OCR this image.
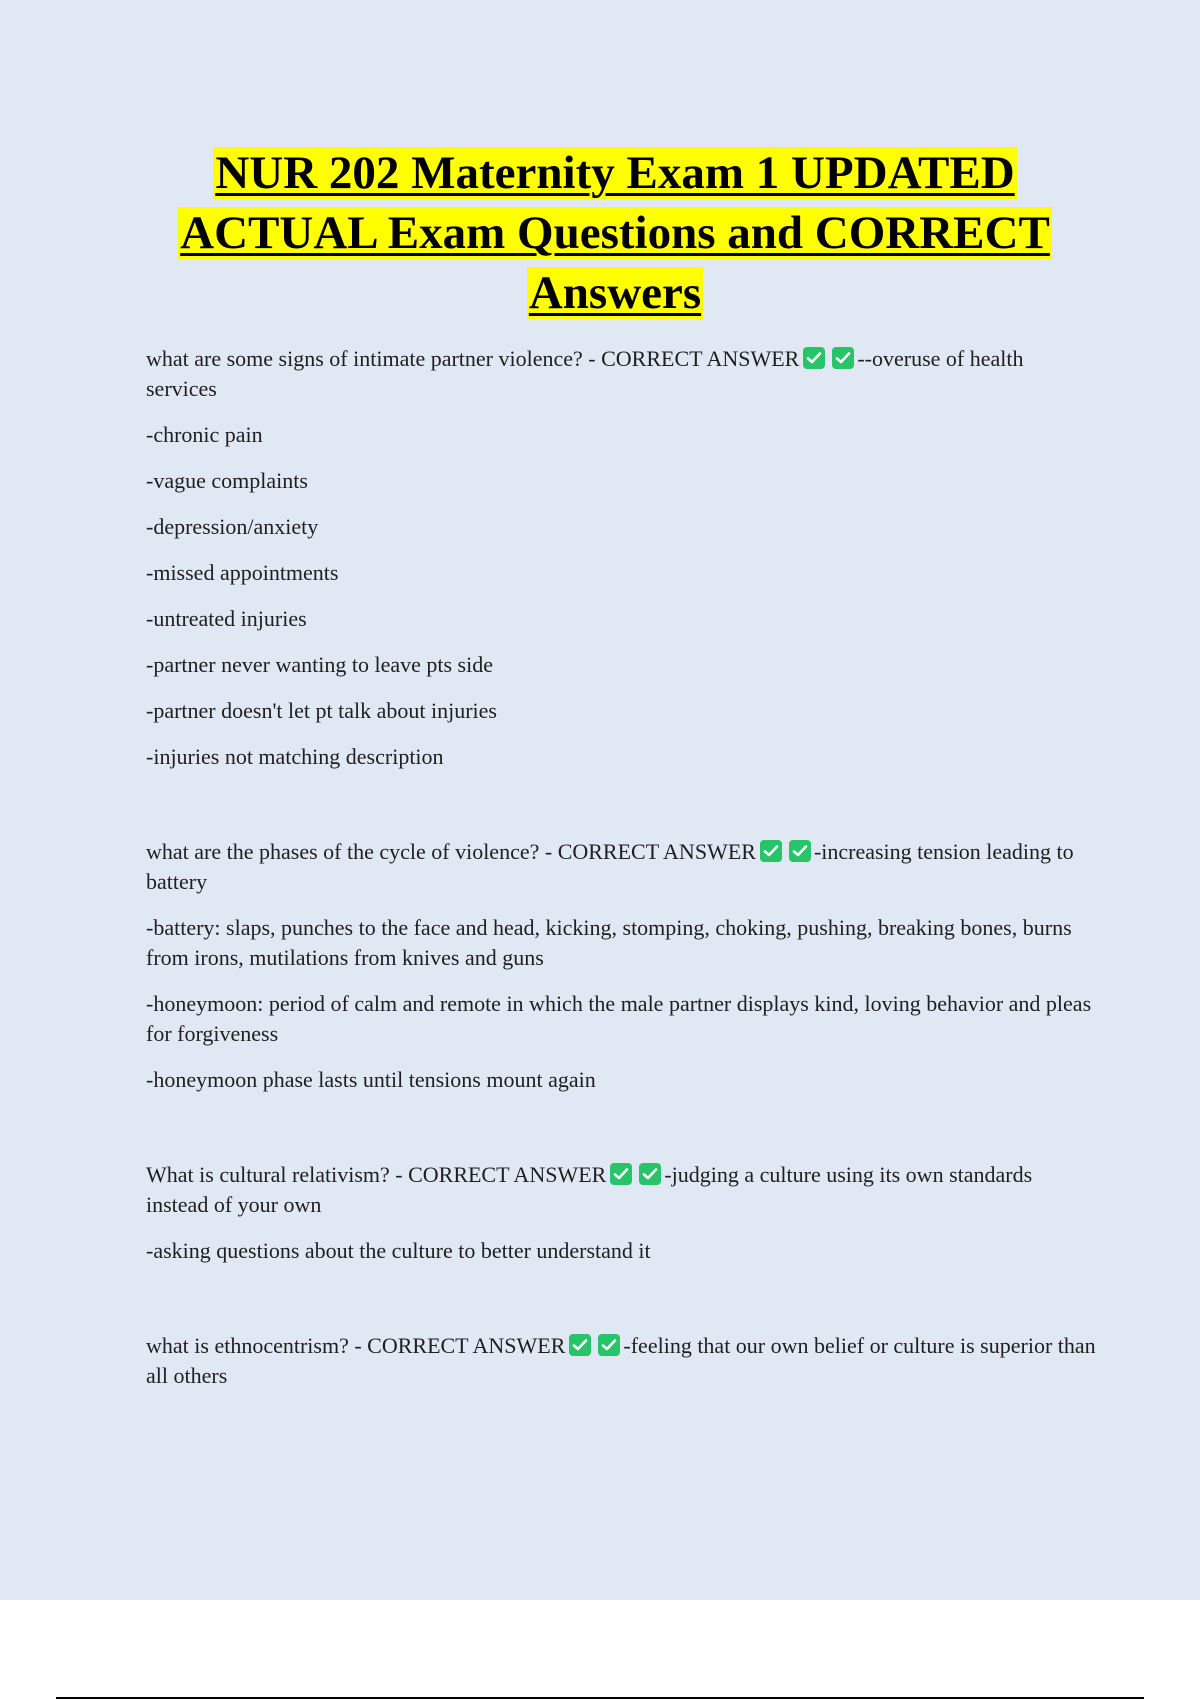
NUR 202 Maternity Exam 1 UPDATED
ACTUAL Exam Questions and CORRECT
Answers

what are some signs of intimate partner violence? - CORRECT ANSWER	--overuse of health services

-chronic pain

-vague complaints

-depression/anxiety

-missed appointments

-untreated injuries

-partner never wanting to leave pts side

-partner doesn't let pt talk about injuries

-injuries not matching description

what are the phases of the cycle of violence? - CORRECT ANSWER	-increasing tension leading to battery

-battery: slaps, punches to the face and head, kicking, stomping, choking, pushing, breaking bones, burns from irons, mutilations from knives and guns

-honeymoon: period of calm and remote in which the male partner displays kind, loving behavior and pleas for forgiveness

-honeymoon phase lasts until tensions mount again

What is cultural relativism? - CORRECT ANSWER	-judging a culture using its own standards instead of your own

-asking questions about the culture to better understand it

what is ethnocentrism? - CORRECT ANSWER	-feeling that our own belief or culture is superior than all others
